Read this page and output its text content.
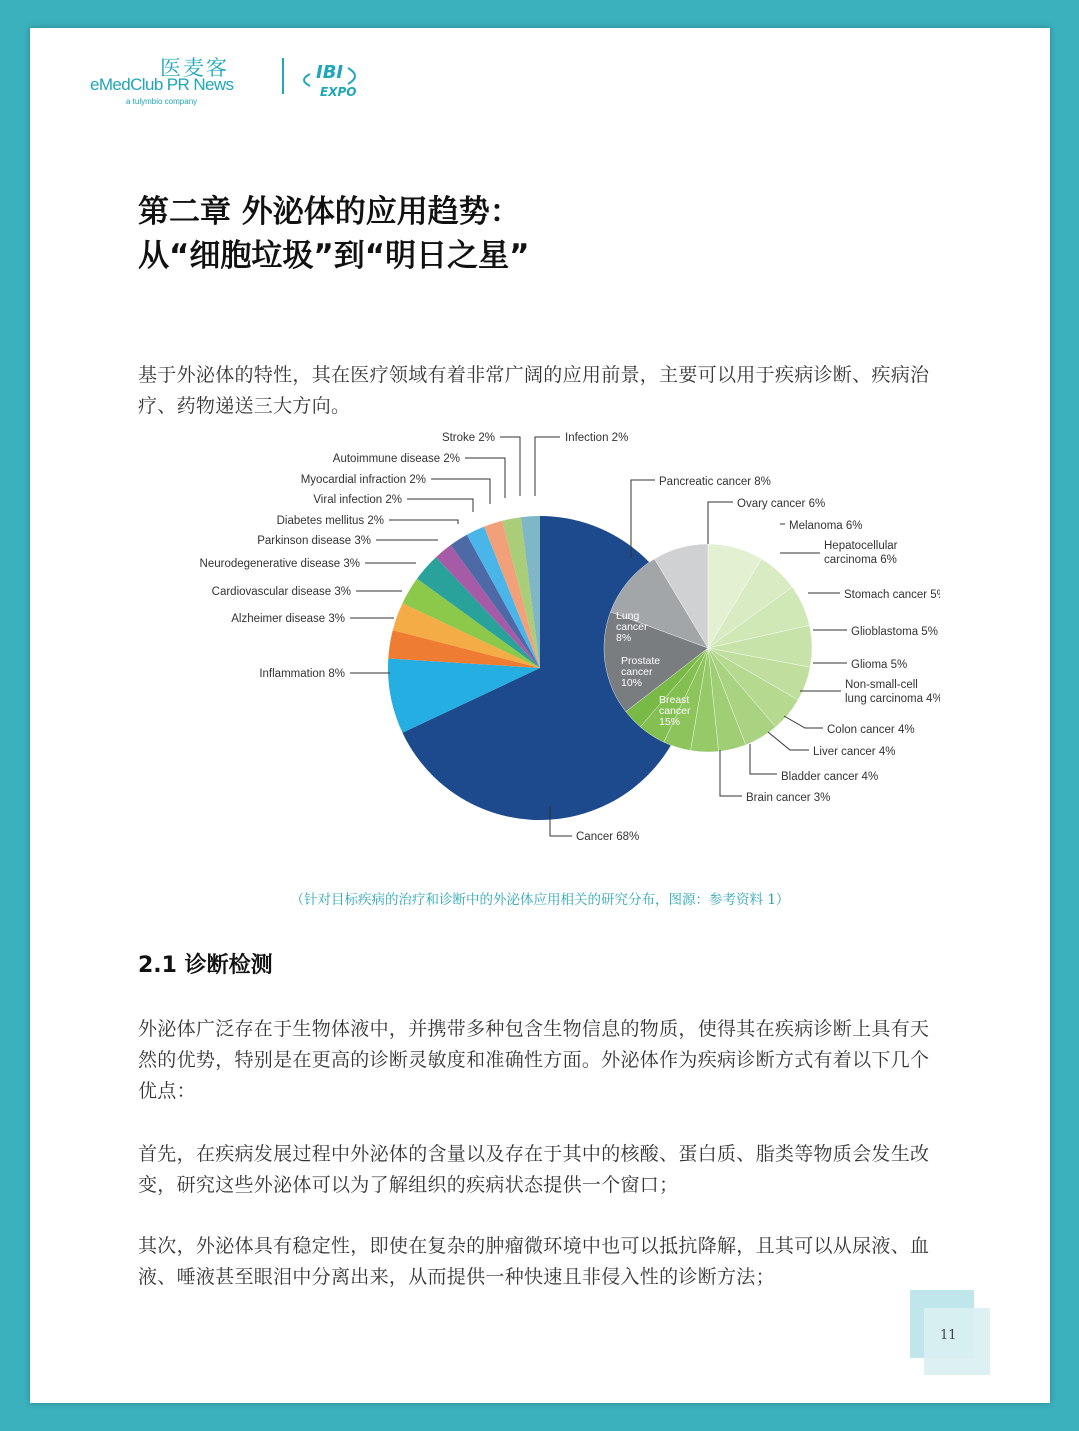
医麦客
eMedClub PR News
a tulymbio company
IBI
EXPO
第二章 外泌体的应用趋势：
从“细胞垃圾”到“明日之星”

基于外泌体的特性，其在医疗领域有着非常广阔的应用前景，主要可以用于疾病诊断、疾病治疗、药物递送三大方向。

Stroke 2%
Autoimmune disease 2%
Myocardial infraction 2%
Viral infection 2%
Diabetes mellitus 2%
Parkinson disease 3%
Neurodegenerative disease 3%
Cardiovascular disease 3%
Alzheimer disease 3%
Inflammation 8%
Infection 2%
Cancer 68%
Pancreatic cancer 8%
Ovary cancer 6%
Melanoma 6%
Hepatocellular carcinoma 6%
Stomach cancer 5%
Glioblastoma 5%
Glioma 5%
Non-small-cell lung carcinoma 4%
Colon cancer 4%
Liver cancer 4%
Bladder cancer 4%
Brain cancer 3%
Lung cancer 8%
Prostate cancer 10%
Breast cancer 15%
（针对目标疾病的治疗和诊断中的外泌体应用相关的研究分布，图源：参考资料 1）
2.1 诊断检测

外泌体广泛存在于生物体液中，并携带多种包含生物信息的物质，使得其在疾病诊断上具有天然的优势，特别是在更高的诊断灵敏度和准确性方面。外泌体作为疾病诊断方式有着以下几个优点：

首先，在疾病发展过程中外泌体的含量以及存在于其中的核酸、蛋白质、脂类等物质会发生改变，研究这些外泌体可以为了解组织的疾病状态提供一个窗口；

其次，外泌体具有稳定性，即使在复杂的肿瘤微环境中也可以抵抗降解，且其可以从尿液、血液、唾液甚至眼泪中分离出来，从而提供一种快速且非侵入性的诊断方法；

11
